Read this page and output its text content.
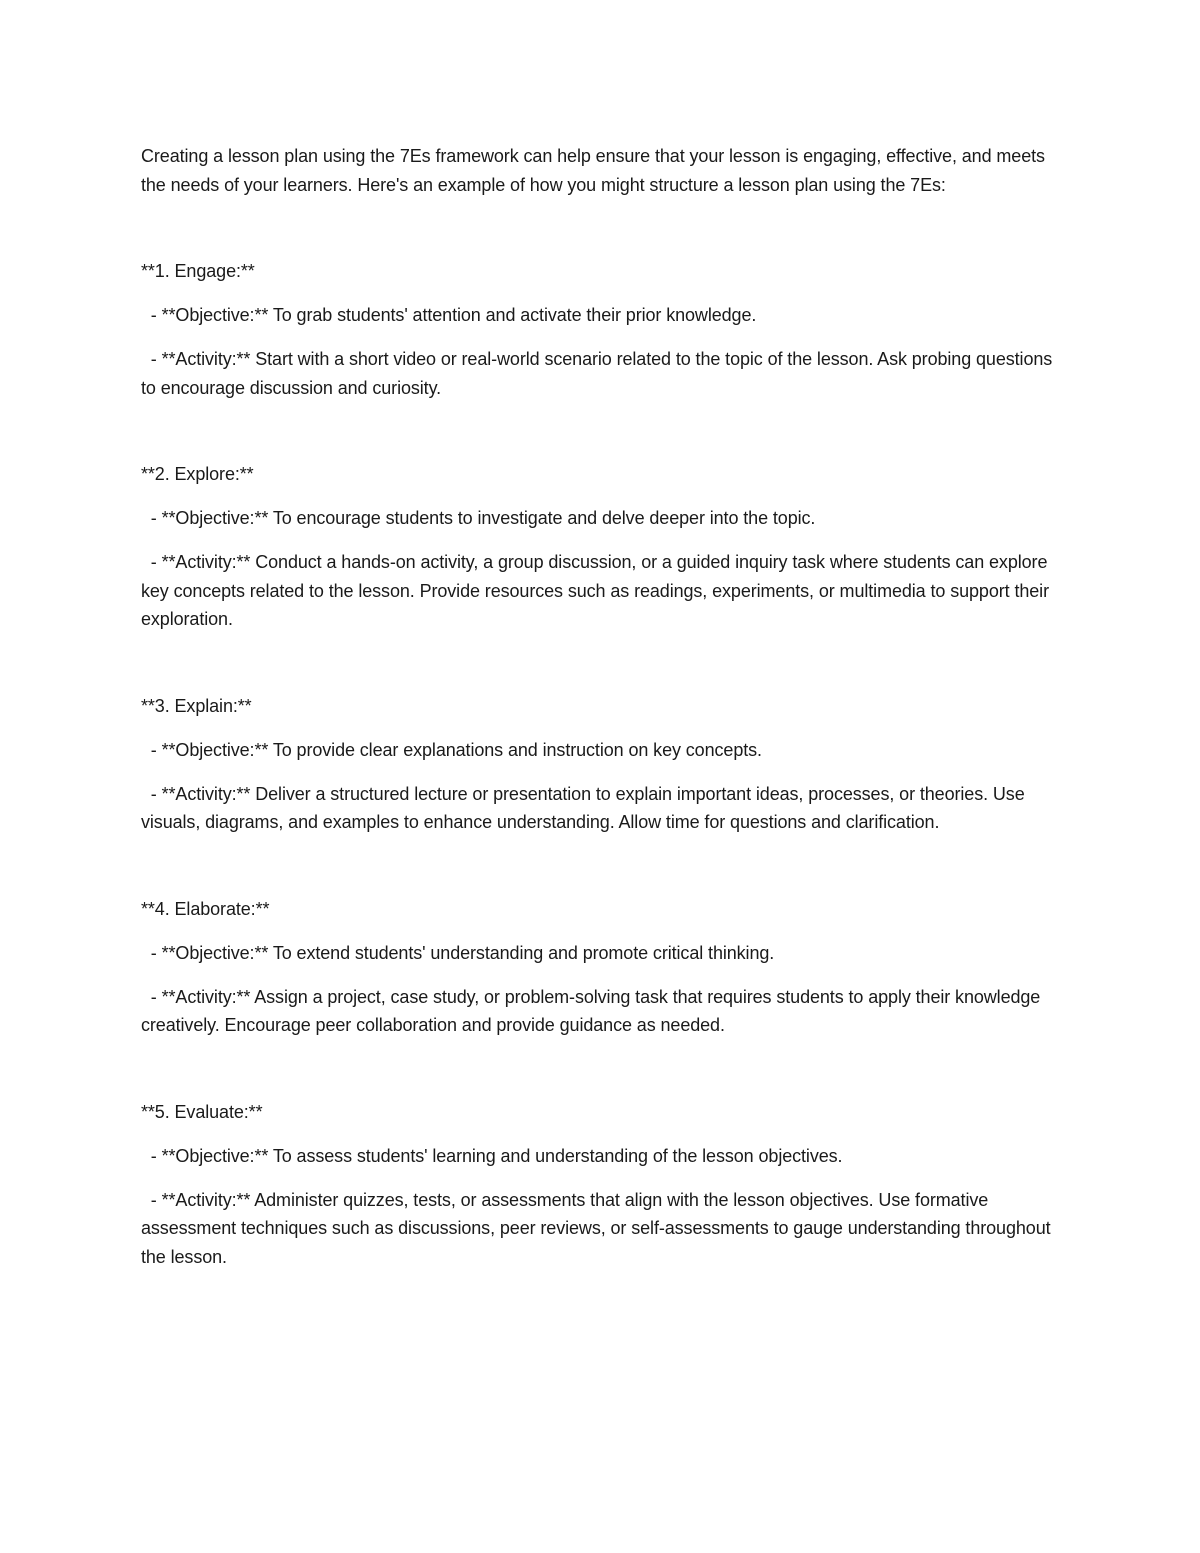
Creating a lesson plan using the 7Es framework can help ensure that your lesson is engaging, effective, and meets the needs of your learners. Here's an example of how you might structure a lesson plan using the 7Es:

**1. Engage:**

- **Objective:** To grab students' attention and activate their prior knowledge.

- **Activity:** Start with a short video or real-world scenario related to the topic of the lesson. Ask probing questions to encourage discussion and curiosity.

**2. Explore:**

- **Objective:** To encourage students to investigate and delve deeper into the topic.

- **Activity:** Conduct a hands-on activity, a group discussion, or a guided inquiry task where students can explore key concepts related to the lesson. Provide resources such as readings, experiments, or multimedia to support their exploration.

**3. Explain:**

- **Objective:** To provide clear explanations and instruction on key concepts.

- **Activity:** Deliver a structured lecture or presentation to explain important ideas, processes, or theories. Use visuals, diagrams, and examples to enhance understanding. Allow time for questions and clarification.

**4. Elaborate:**

- **Objective:** To extend students' understanding and promote critical thinking.

- **Activity:** Assign a project, case study, or problem-solving task that requires students to apply their knowledge creatively. Encourage peer collaboration and provide guidance as needed.

**5. Evaluate:**

- **Objective:** To assess students' learning and understanding of the lesson objectives.

- **Activity:** Administer quizzes, tests, or assessments that align with the lesson objectives. Use formative assessment techniques such as discussions, peer reviews, or self-assessments to gauge understanding throughout the lesson.
